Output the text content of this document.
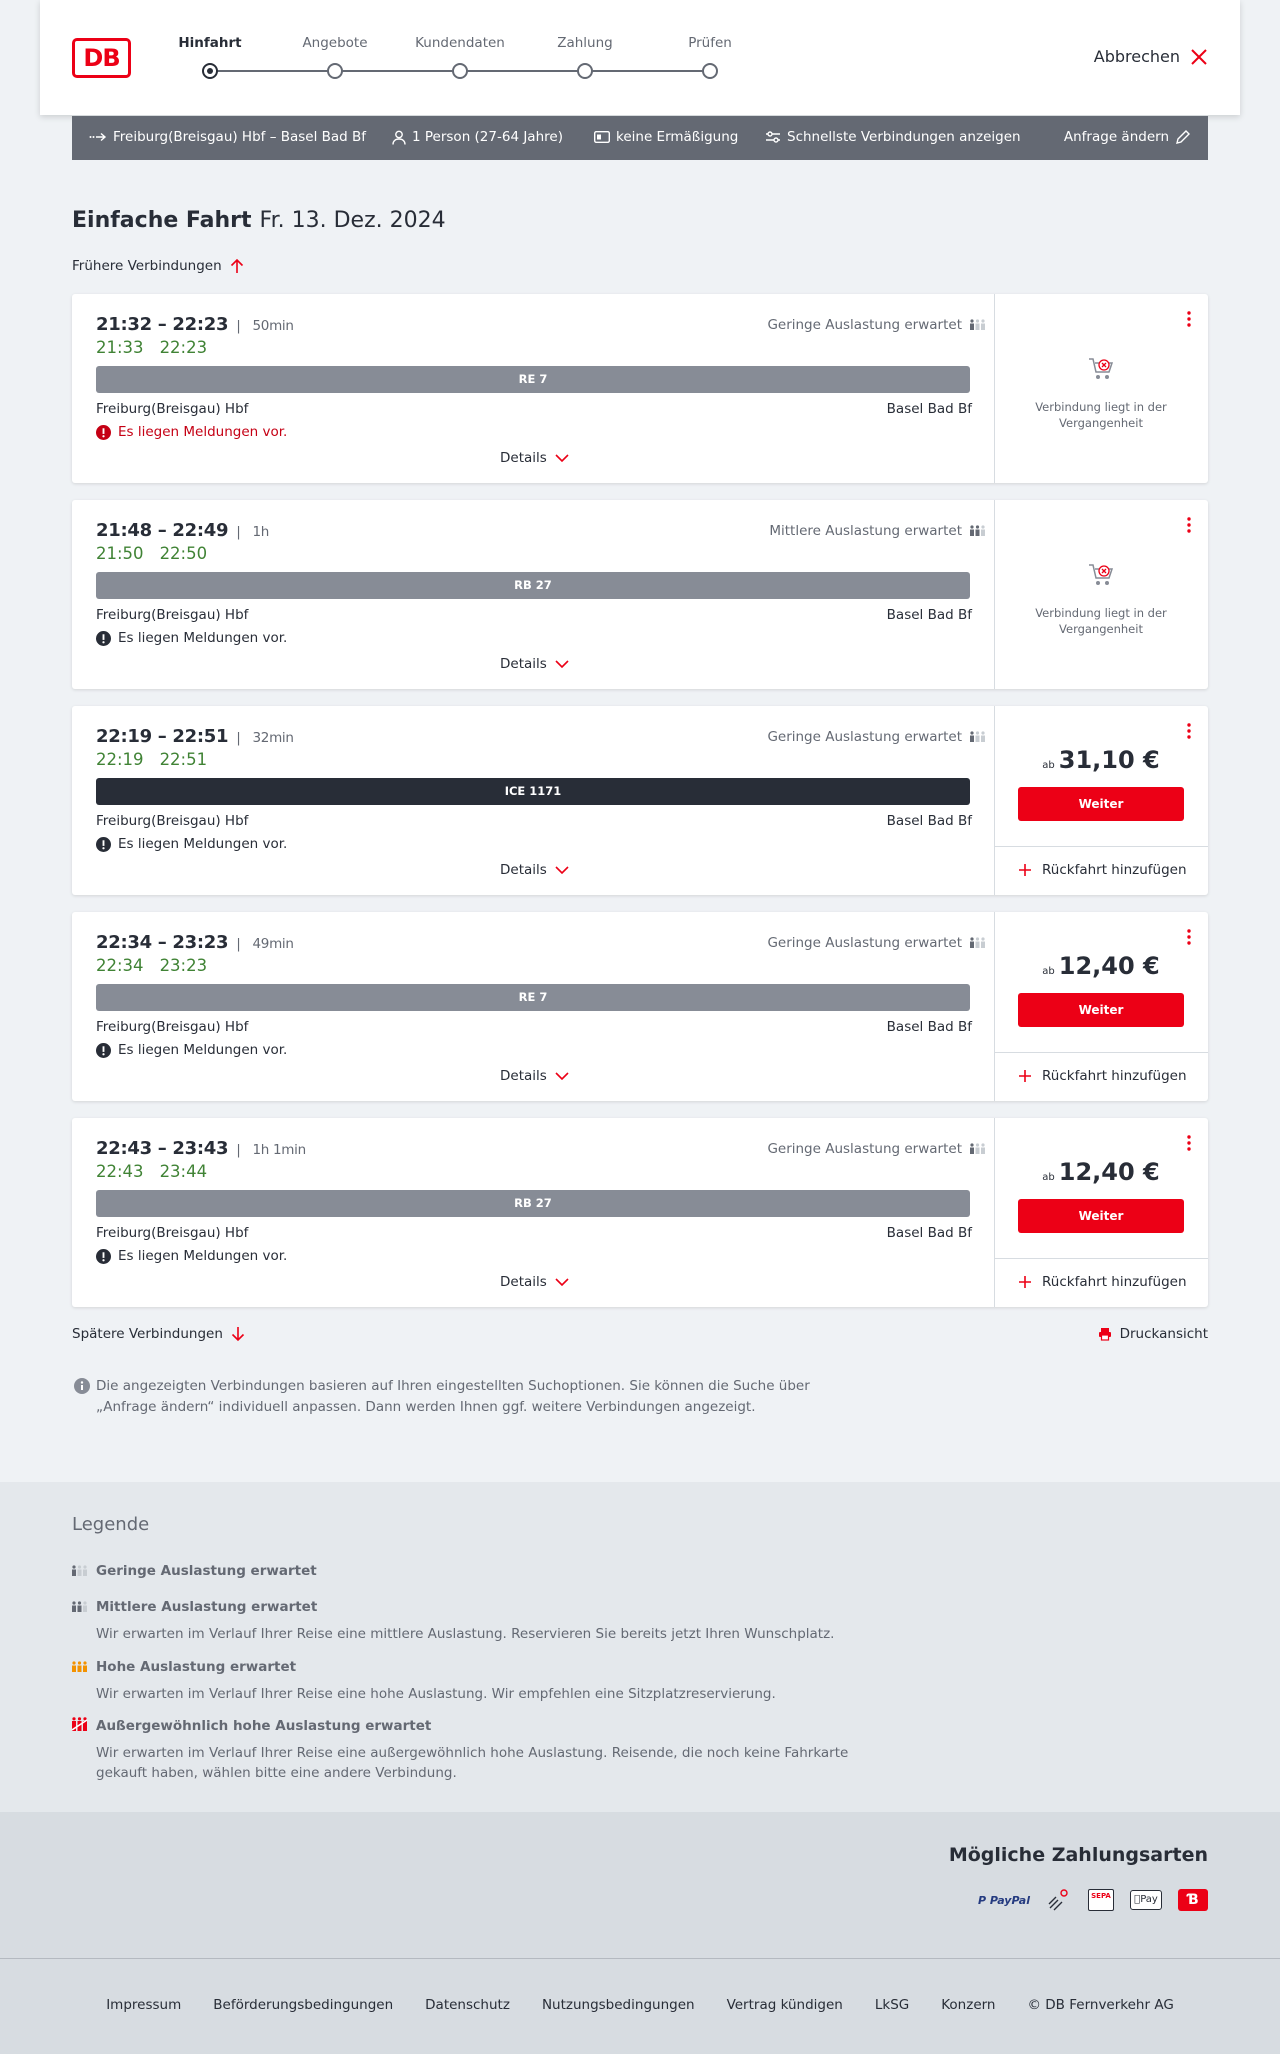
DB
Hinfahrt	Angebote	Kundendaten	Zahlung	Prüfen
Abbrechen
Freiburg(Breisgau) Hbf – Basel Bad Bf	1 Person (27-64 Jahre)	keine Ermäßigung	Schnellste Verbindungen anzeigen	Anfrage ändern
Einfache Fahrt Fr. 13. Dez. 2024
Frühere Verbindungen
21:32 – 22:23 | 50min
21:33 22:23
Geringe Auslastung erwartet
RE 7
Freiburg(Breisgau) Hbf	Basel Bad Bf
Es liegen Meldungen vor.
Details
Verbindung liegt in der Vergangenheit
21:48 – 22:49 | 1h
21:50 22:50
Mittlere Auslastung erwartet
RB 27
Freiburg(Breisgau) Hbf	Basel Bad Bf
Es liegen Meldungen vor.
Details
Verbindung liegt in der Vergangenheit
22:19 – 22:51 | 32min
22:19 22:51
Geringe Auslastung erwartet
ICE 1171
Freiburg(Breisgau) Hbf	Basel Bad Bf
Es liegen Meldungen vor.
Details
ab 31,10 €
Weiter
Rückfahrt hinzufügen
22:34 – 23:23 | 49min
22:34 23:23
Geringe Auslastung erwartet
RE 7
Freiburg(Breisgau) Hbf	Basel Bad Bf
Es liegen Meldungen vor.
Details
ab 12,40 €
Weiter
Rückfahrt hinzufügen
22:43 – 23:43 | 1h 1min
22:43 23:44
Geringe Auslastung erwartet
RB 27
Freiburg(Breisgau) Hbf	Basel Bad Bf
Es liegen Meldungen vor.
Details
ab 12,40 €
Weiter
Rückfahrt hinzufügen
Spätere Verbindungen	Druckansicht
Die angezeigten Verbindungen basieren auf Ihren eingestellten Suchoptionen. Sie können die Suche über „Anfrage ändern“ individuell anpassen. Dann werden Ihnen ggf. weitere Verbindungen angezeigt.
Legende
Geringe Auslastung erwartet
Mittlere Auslastung erwartet
Wir erwarten im Verlauf Ihrer Reise eine mittlere Auslastung. Reservieren Sie bereits jetzt Ihren Wunschplatz.
Hohe Auslastung erwartet
Wir erwarten im Verlauf Ihrer Reise eine hohe Auslastung. Wir empfehlen eine Sitzplatzreservierung.
Außergewöhnlich hohe Auslastung erwartet
Wir erwarten im Verlauf Ihrer Reise eine außergewöhnlich hohe Auslastung. Reisende, die noch keine Fahrkarte gekauft haben, wählen bitte eine andere Verbindung.
Mögliche Zahlungsarten
P PayPal	SEPA	Pay	Ɓ
Impressum Beförderungsbedingungen Datenschutz Nutzungsbedingungen Vertrag kündigen LkSG Konzern © DB Fernverkehr AG
